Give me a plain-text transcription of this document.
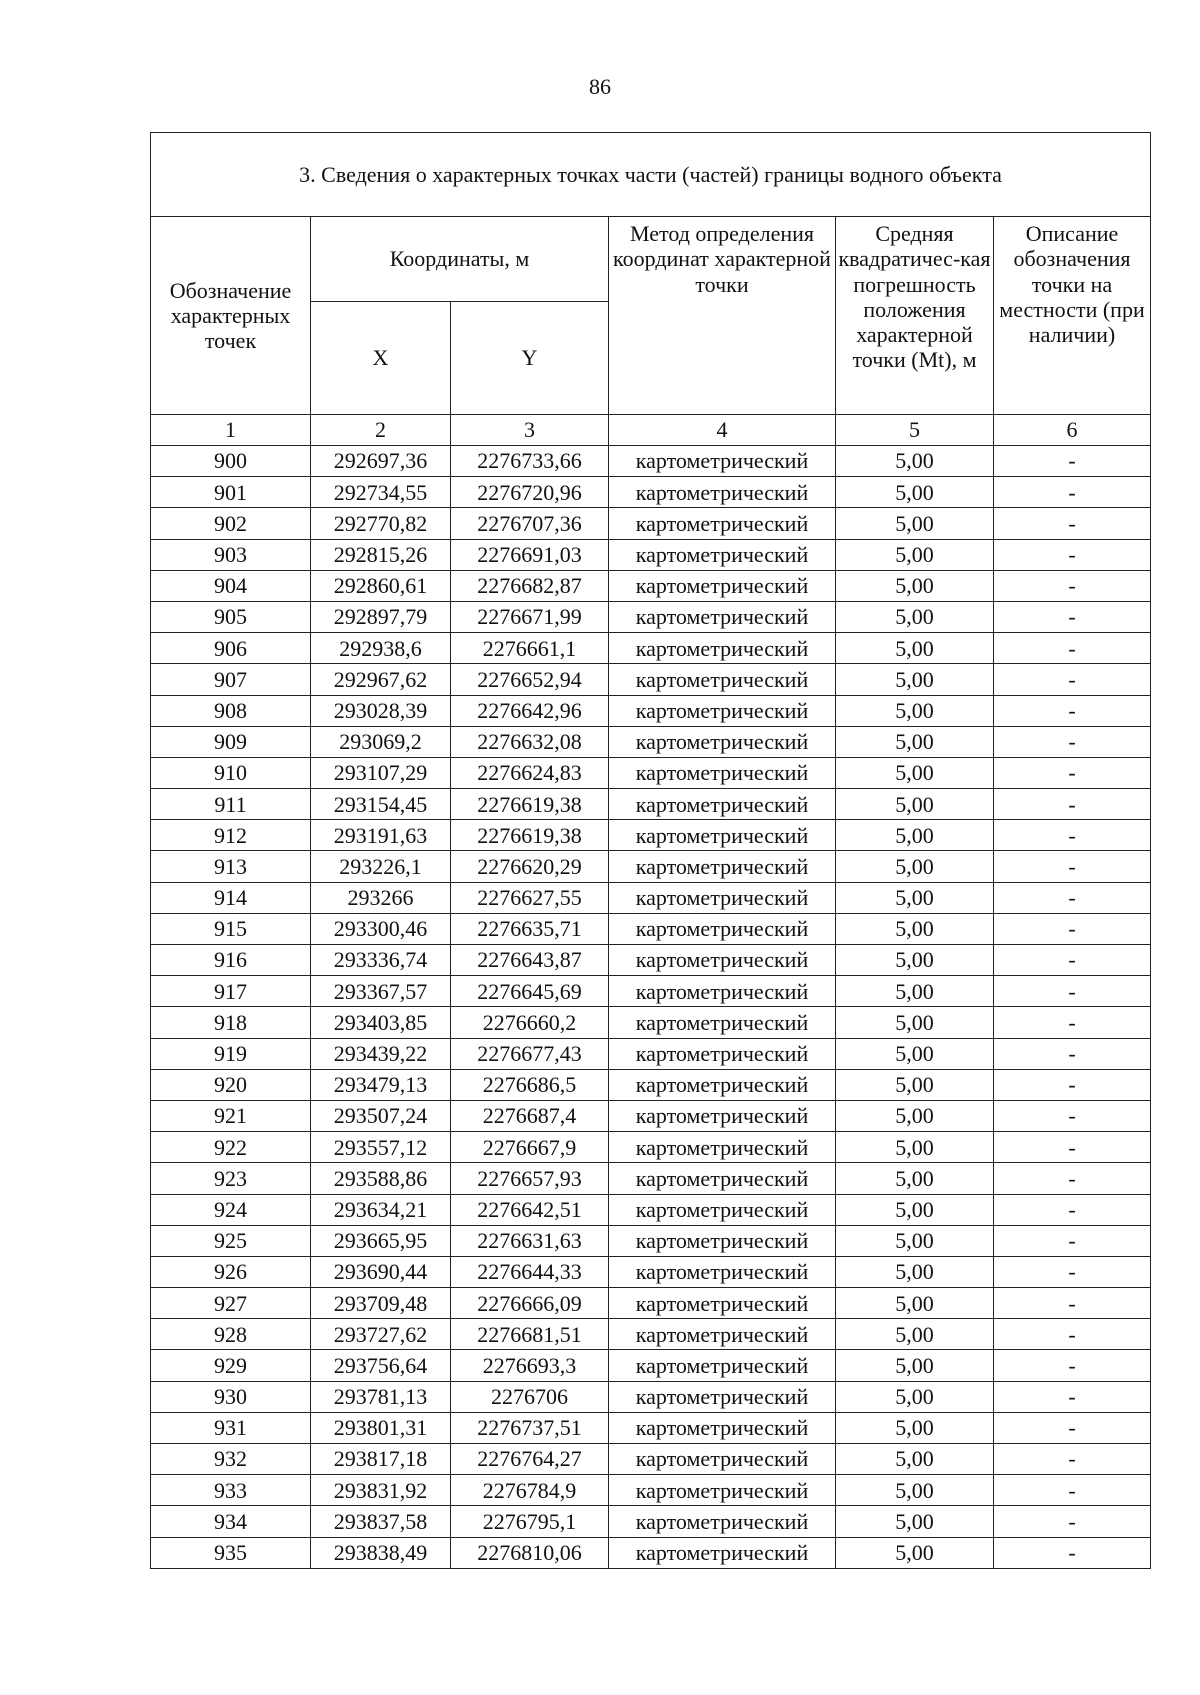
86
3. Сведения о характерных точках части (частей) границы водного объекта					
Обозначение характерных точек	Координаты, м		Метод определения координат характерной точки	Средняя квадратичес-кая погрешность положения характерной точки (Mt), м	Описание обозначения точки на местности (при наличии)
	X	Y			
1	2	3	4	5	6
900	292697,36	2276733,66	картометрический	5,00	-
901	292734,55	2276720,96	картометрический	5,00	-
902	292770,82	2276707,36	картометрический	5,00	-
903	292815,26	2276691,03	картометрический	5,00	-
904	292860,61	2276682,87	картометрический	5,00	-
905	292897,79	2276671,99	картометрический	5,00	-
906	292938,6	2276661,1	картометрический	5,00	-
907	292967,62	2276652,94	картометрический	5,00	-
908	293028,39	2276642,96	картометрический	5,00	-
909	293069,2	2276632,08	картометрический	5,00	-
910	293107,29	2276624,83	картометрический	5,00	-
911	293154,45	2276619,38	картометрический	5,00	-
912	293191,63	2276619,38	картометрический	5,00	-
913	293226,1	2276620,29	картометрический	5,00	-
914	293266	2276627,55	картометрический	5,00	-
915	293300,46	2276635,71	картометрический	5,00	-
916	293336,74	2276643,87	картометрический	5,00	-
917	293367,57	2276645,69	картометрический	5,00	-
918	293403,85	2276660,2	картометрический	5,00	-
919	293439,22	2276677,43	картометрический	5,00	-
920	293479,13	2276686,5	картометрический	5,00	-
921	293507,24	2276687,4	картометрический	5,00	-
922	293557,12	2276667,9	картометрический	5,00	-
923	293588,86	2276657,93	картометрический	5,00	-
924	293634,21	2276642,51	картометрический	5,00	-
925	293665,95	2276631,63	картометрический	5,00	-
926	293690,44	2276644,33	картометрический	5,00	-
927	293709,48	2276666,09	картометрический	5,00	-
928	293727,62	2276681,51	картометрический	5,00	-
929	293756,64	2276693,3	картометрический	5,00	-
930	293781,13	2276706	картометрический	5,00	-
931	293801,31	2276737,51	картометрический	5,00	-
932	293817,18	2276764,27	картометрический	5,00	-
933	293831,92	2276784,9	картометрический	5,00	-
934	293837,58	2276795,1	картометрический	5,00	-
935	293838,49	2276810,06	картометрический	5,00	-
